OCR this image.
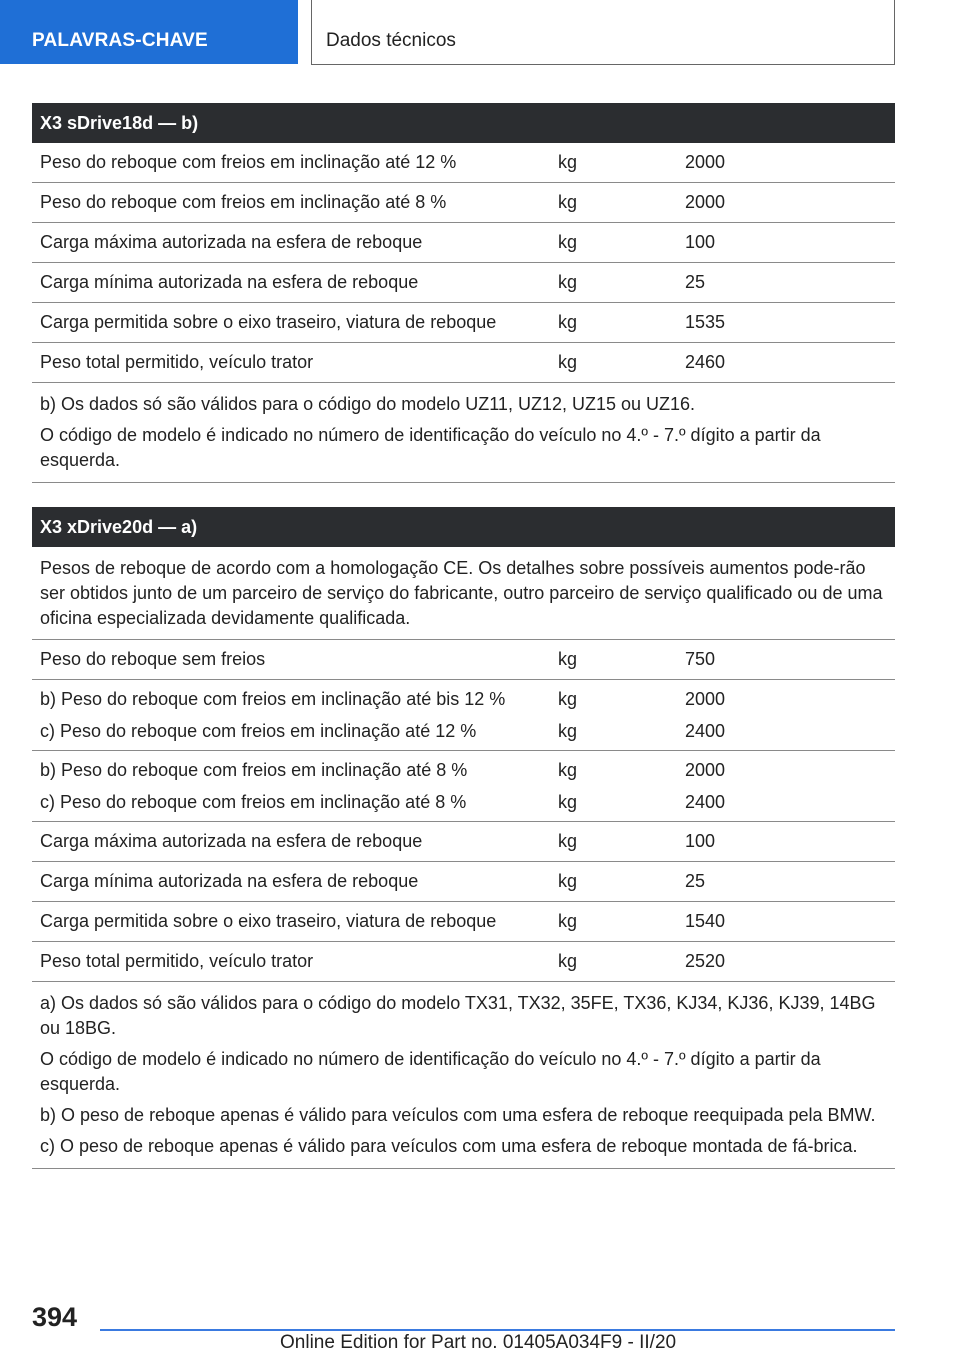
PALAVRAS-CHAVE	Dados técnicos
X3 sDrive18d — b)
Peso do reboque com freios em inclinação até 12 %	kg	2000
Peso do reboque com freios em inclinação até 8 %	kg	2000
Carga máxima autorizada na esfera de reboque	kg	100
Carga mínima autorizada na esfera de reboque	kg	25
Carga permitida sobre o eixo traseiro, viatura de reboque	kg	1535
Peso total permitido, veículo trator	kg	2460

b) Os dados só são válidos para o código do modelo UZ11, UZ12, UZ15 ou UZ16.

O código de modelo é indicado no número de identificação do veículo no 4.º - 7.º dígito a partir da esquerda.

X3 xDrive20d — a)

Pesos de reboque de acordo com a homologação CE. Os detalhes sobre possíveis aumentos pode-rão ser obtidos junto de um parceiro de serviço do fabricante, outro parceiro de serviço qualificado ou de uma oficina especializada devidamente qualificada.

Peso do reboque sem freios	kg	750
b) Peso do reboque com freios em inclinação até bis 12 %	kg	2000
c) Peso do reboque com freios em inclinação até 12 %	kg	2400
b) Peso do reboque com freios em inclinação até 8 %	kg	2000
c) Peso do reboque com freios em inclinação até 8 %	kg	2400
Carga máxima autorizada na esfera de reboque	kg	100
Carga mínima autorizada na esfera de reboque	kg	25
Carga permitida sobre o eixo traseiro, viatura de reboque	kg	1540
Peso total permitido, veículo trator	kg	2520

a) Os dados só são válidos para o código do modelo TX31, TX32, 35FE, TX36, KJ34, KJ36, KJ39, 14BG ou 18BG.

O código de modelo é indicado no número de identificação do veículo no 4.º - 7.º dígito a partir da esquerda.

b) O peso de reboque apenas é válido para veículos com uma esfera de reboque reequipada pela BMW.

c) O peso de reboque apenas é válido para veículos com uma esfera de reboque montada de fá-brica.

394
Online Edition for Part no. 01405A034F9 - II/20
